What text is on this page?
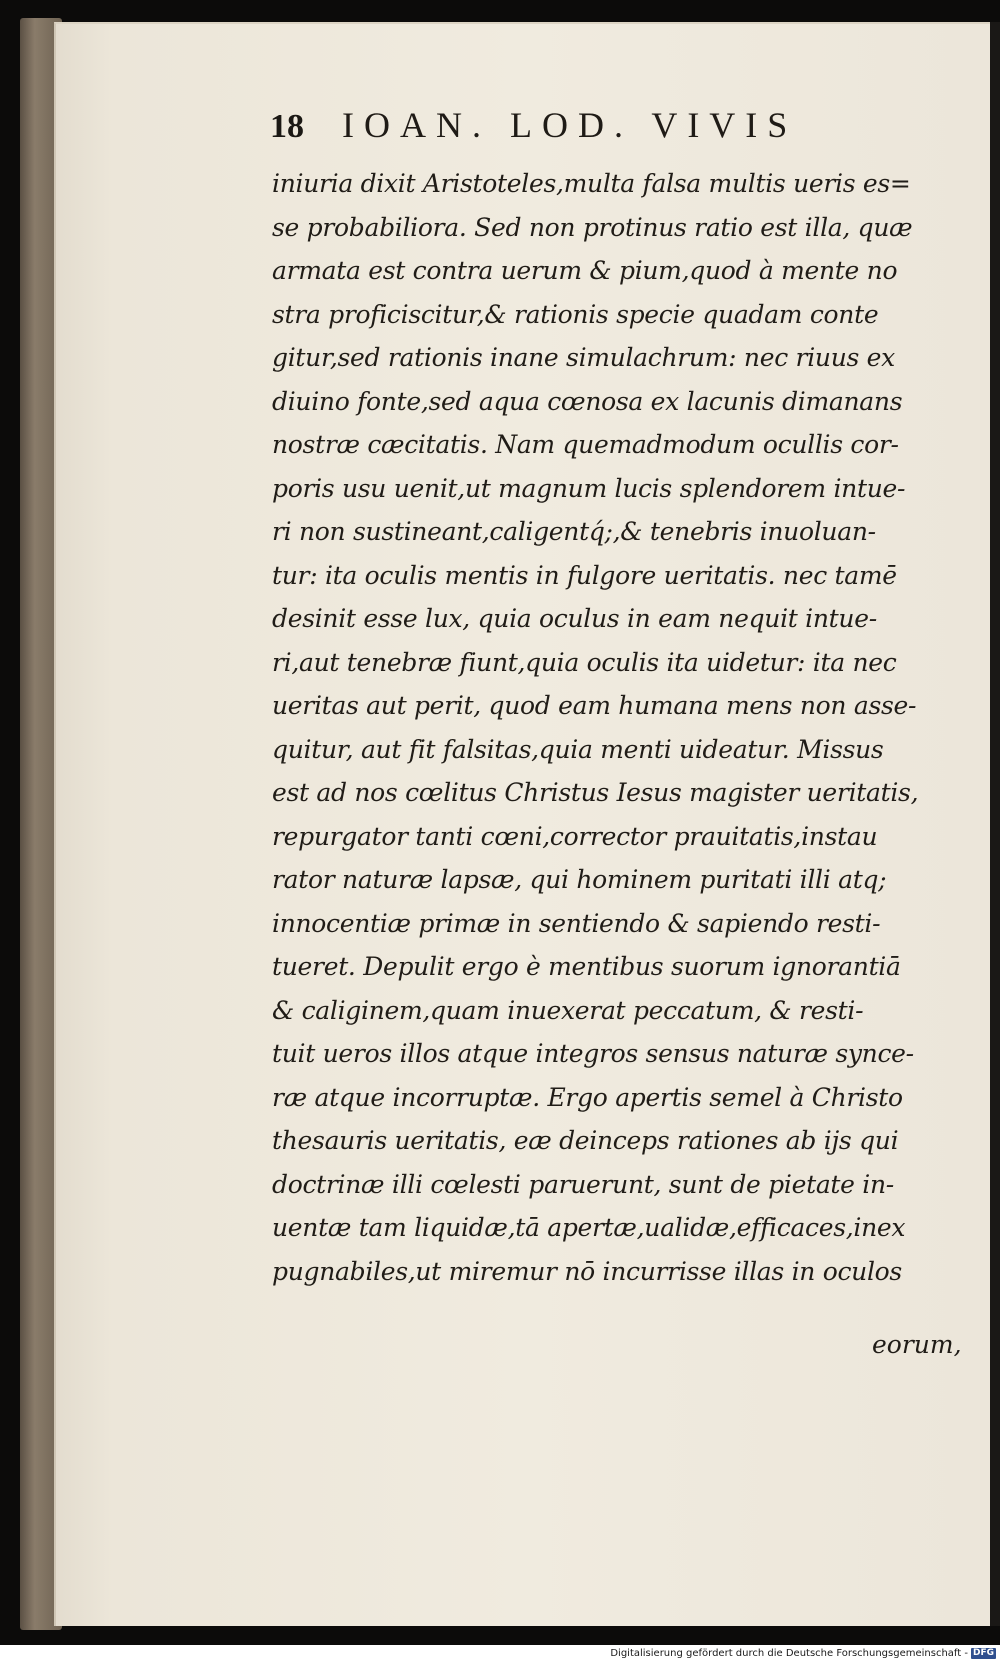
18 IOAN. LOD. VIVIS
iniuria dixit Aristoteles,multa falsa multis ueris es=
se probabiliora. Sed non protinus ratio est illa, quæ
armata est contra uerum & pium,quod à mente no
stra proficiscitur,& rationis specie quadam conte
gitur,sed rationis inane simulachrum: nec riuus ex
diuino fonte,sed aqua cœnosa ex lacunis dimanans
nostræ cæcitatis. Nam quemadmodum ocullis cor-
poris usu uenit,ut magnum lucis splendorem intue-
ri non sustineant,caligentq́;,& tenebris inuoluan-
tur: ita oculis mentis in fulgore ueritatis. nec tamē
desinit esse lux, quia oculus in eam nequit intue-
ri,aut tenebræ fiunt,quia oculis ita uidetur: ita nec
ueritas aut perit, quod eam humana mens non asse-
quitur, aut fit falsitas,quia menti uideatur. Missus
est ad nos cœlitus Christus Iesus magister ueritatis,
repurgator tanti cœni,corrector prauitatis,instau
rator naturæ lapsæ, qui hominem puritati illi atq;
innocentiæ primæ in sentiendo & sapiendo resti-
tueret. Depulit ergo è mentibus suorum ignorantiā
& caliginem,quam inuexerat peccatum, & resti-
tuit ueros illos atque integros sensus naturæ synce-
ræ atque incorruptæ. Ergo apertis semel à Christo
thesauris ueritatis, eæ deinceps rationes ab ijs qui
doctrinæ illi cœlesti paruerunt, sunt de pietate in-
uentæ tam liquidæ,tā apertæ,ualidæ,efficaces,inex
pugnabiles,ut miremur nō incurrisse illas in oculos
eorum,
Digitalisierung gefördert durch die Deutsche Forschungsgemeinschaft - DFG
